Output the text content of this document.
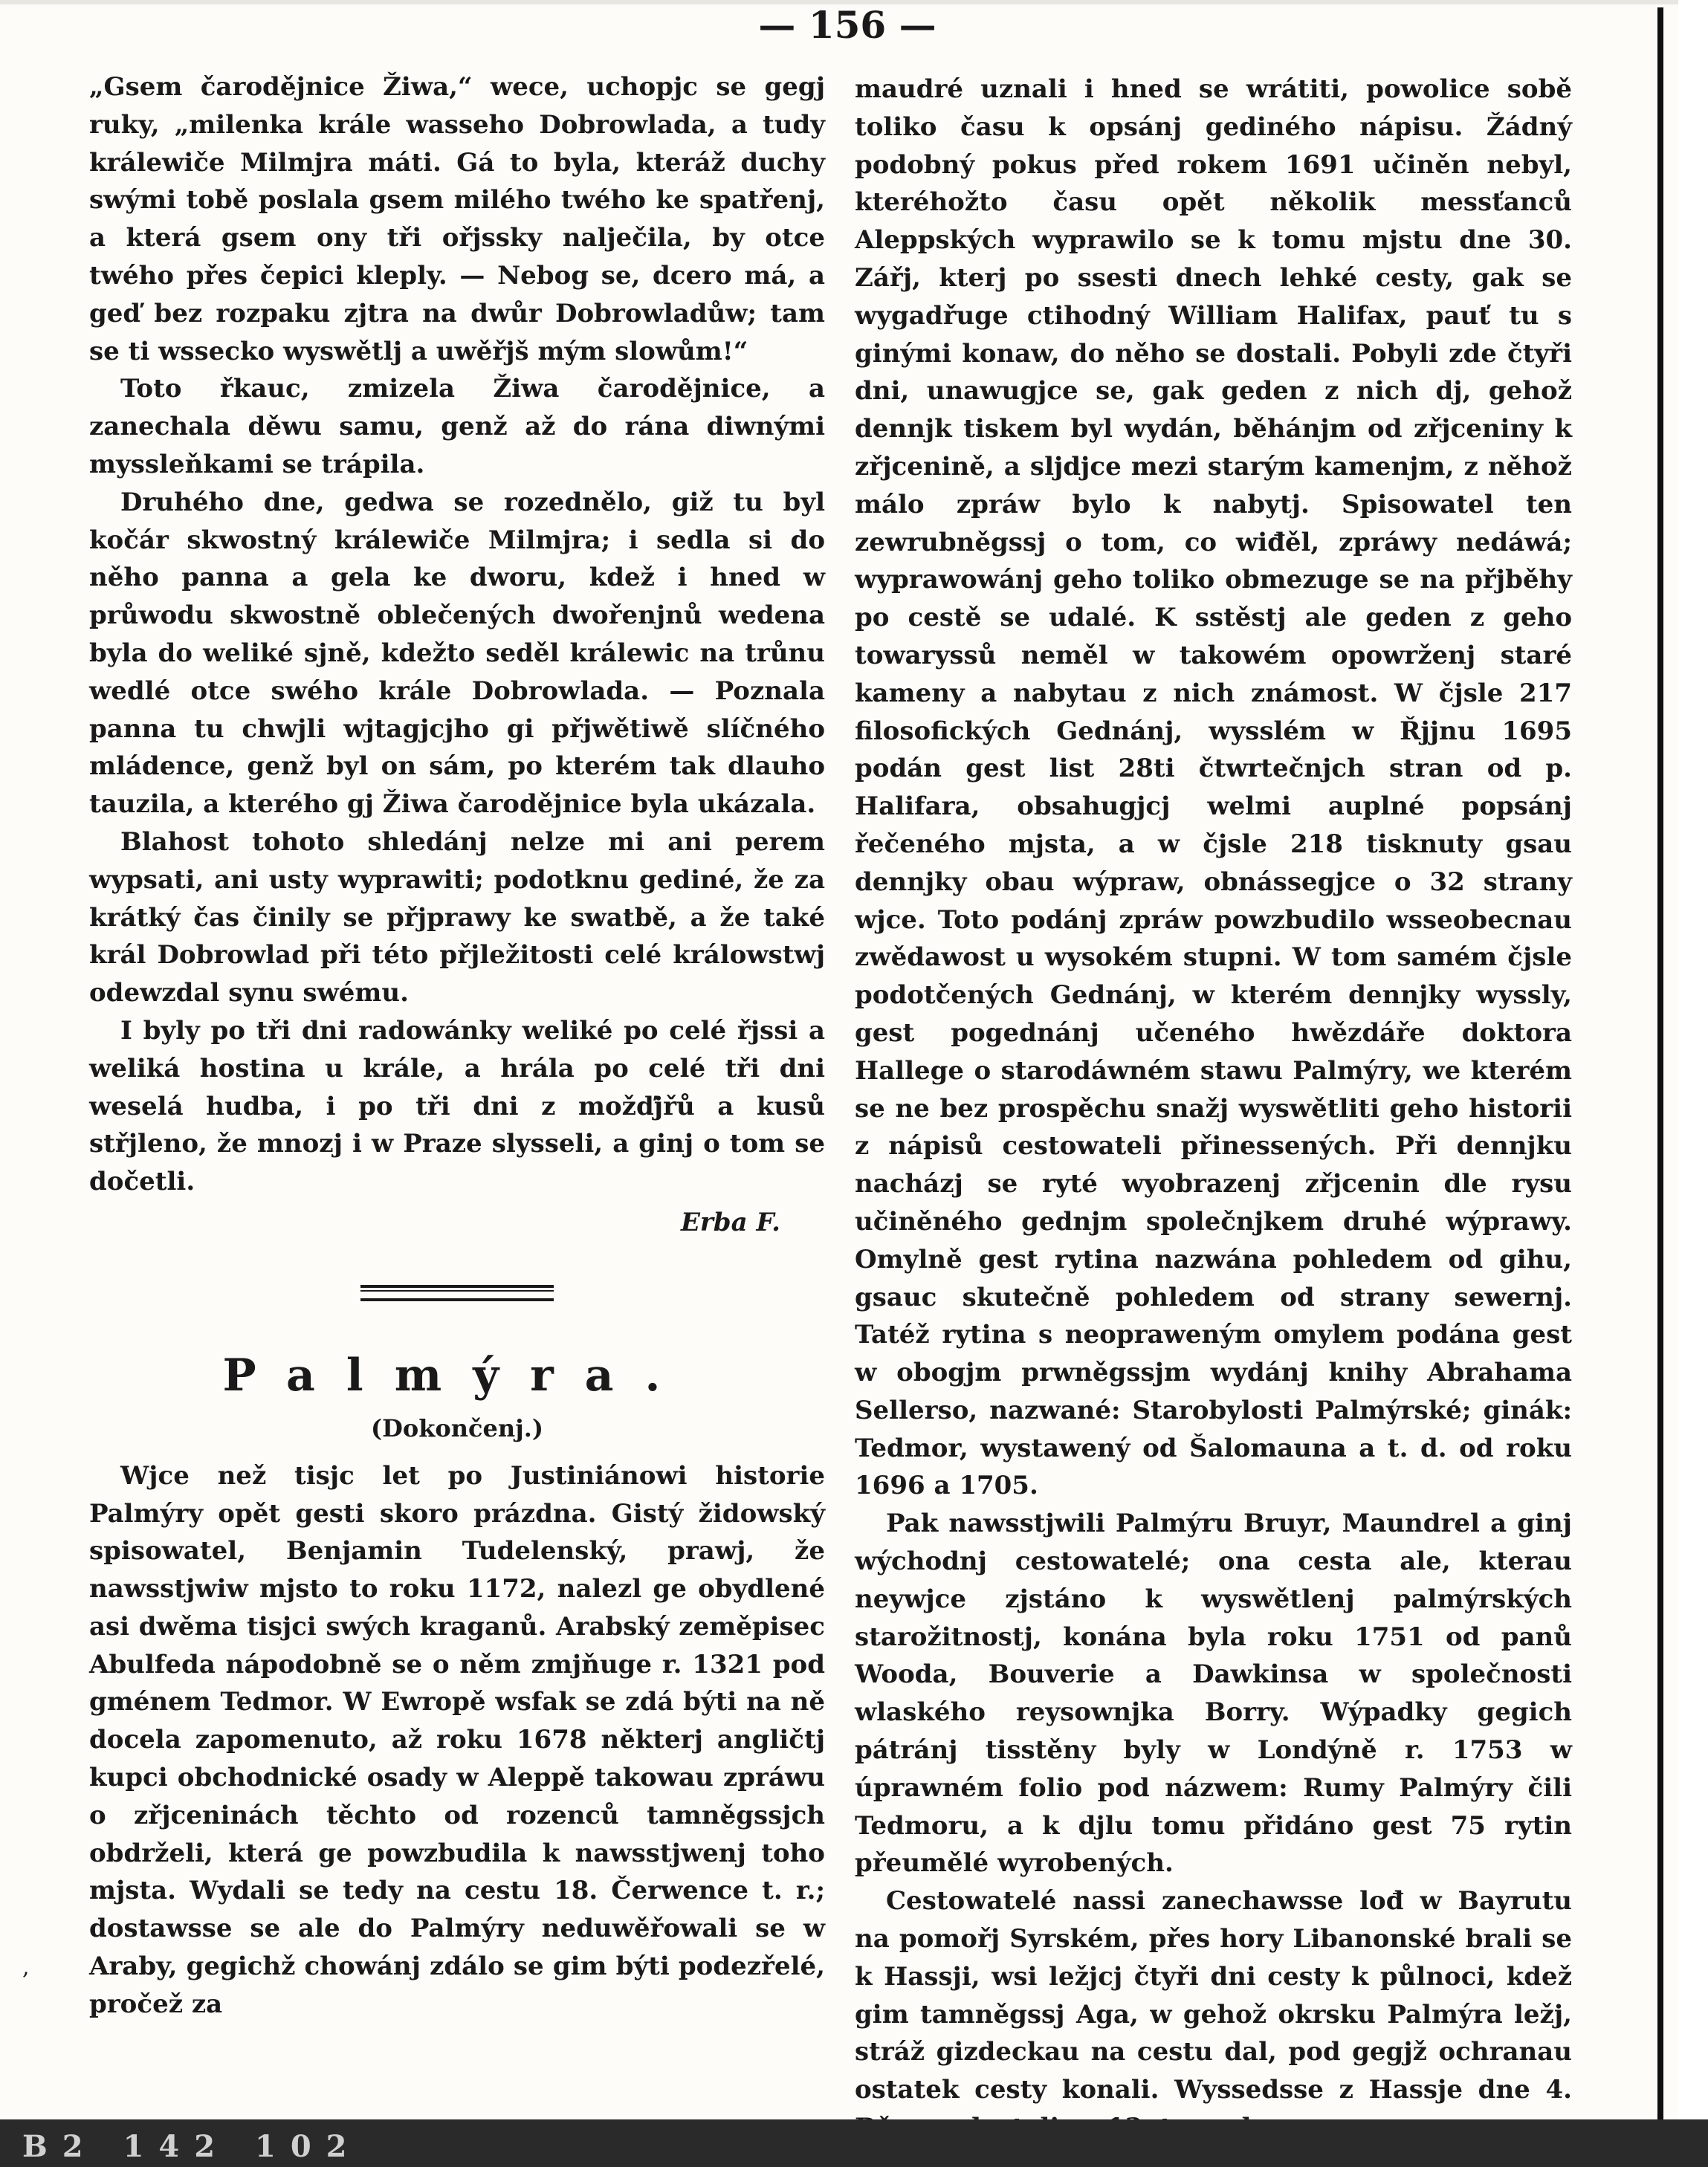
— 156 —

„Gsem čarodějnice Žiwa,“ wece, uchopjc se gegj ruky, „milenka krále wasseho Dobrowlada, a tudy králewiče Milmjra máti. Gá to byla, kteráž duchy swými tobě poslala gsem milého twého ke spatřenj, a která gsem ony tři ořjssky nalječila, by otce twého přes čepici kleply. — Nebog se, dcero má, a geď bez rozpaku zjtra na dwůr Dobrowladůw; tam se ti wssecko wyswětlj a uwěřjš mým slowům!“

Toto řkauc, zmizela Žiwa čarodějnice, a zanechala děwu samu, genž až do rána diwnými myssleňkami se trápila.

Druhého dne, gedwa se rozednělo, giž tu byl kočár skwostný králewiče Milmjra; i sedla si do něho panna a gela ke dworu, kdež i hned w průwodu skwostně oblečených dwořenjnů wedena byla do weliké sjně, kdežto seděl králewic na trůnu wedlé otce swého krále Dobrowlada. — Poznala panna tu chwjli wjtagjcjho gi přjwětiwě slíčného mládence, genž byl on sám, po kterém tak dlauho tauzila, a kterého gj Žiwa čarodějnice byla ukázala.

Blahost tohoto shledánj nelze mi ani perem wypsati, ani usty wyprawiti; podotknu gediné, že za krátký čas činily se přjprawy ke swatbě, a že také král Dobrowlad při této přjležitosti celé králowstwj odewzdal synu swému.

I byly po tři dni radowánky weliké po celé řjssi a weliká hostina u krále, a hrála po celé tři dni weselá hudba, i po tři dni z možďjřů a kusů střjleno, že mnozj i w Praze slysseli, a ginj o tom se dočetli.

Erba F.
Palmýra.
(Dokončenj.)

Wjce než tisjc let po Justiniánowi historie Palmýry opět gesti skoro prázdna. Gistý židowský spisowatel, Benjamin Tudelenský, prawj, že nawsstjwiw mjsto to roku 1172, nalezl ge obydlené asi dwěma tisjci swých kraganů. Arabský zeměpisec Abulfeda nápodobně se o něm zmjňuge r. 1321 pod gménem Tedmor. W Ewropě wsfak se zdá býti na ně docela zapomenuto, až roku 1678 některj angličtj kupci obchodnické osady w Aleppě takowau zpráwu o zřjceninách těchto od rozenců tamněgssjch obdrželi, která ge powzbudila k nawsstjwenj toho mjsta. Wydali se tedy na cestu 18. Čerwence t. r.; dostawsse se ale do Palmýry neduwěřowali se w Araby, gegichž chowánj zdálo se gim býti podezřelé, pročež za

maudré uznali i hned se wrátiti, powolice sobě toliko času k opsánj gediného nápisu. Žádný podobný pokus před rokem 1691 učiněn nebyl, kteréhožto času opět několik messťanců Aleppských wyprawilo se k tomu mjstu dne 30. Zářj, kterj po ssesti dnech lehké cesty, gak se wygadřuge ctihodný William Halifax, pauť tu s ginými konaw, do něho se dostali. Pobyli zde čtyři dni, unawugjce se, gak geden z nich dj, gehož dennjk tiskem byl wydán, běhánjm od zřjceniny k zřjcenině, a sljdjce mezi starým kamenjm, z něhož málo zpráw bylo k nabytj. Spisowatel ten zewrubněgssj o tom, co wiđěl, zpráwy nedáwá; wyprawowánj geho toliko obmezuge se na přjběhy po cestě se udalé. K sstěstj ale geden z geho towaryssů neměl w takowém opowrženj staré kameny a nabytau z nich známost. W čjsle 217 filosofických Gednánj, wysslém w Řjjnu 1695 podán gest list 28ti čtwrtečnjch stran od p. Halifara, obsahugjcj welmi auplné popsánj řečeného mjsta, a w čjsle 218 tisknuty gsau dennjky obau wýpraw, obnássegjce o 32 strany wjce. Toto podánj zpráw powzbudilo wsseobecnau zwědawost u wysokém stupni. W tom samém čjsle podotčených Gednánj, w kterém dennjky wyssly, gest pogednánj učeného hwězdáře doktora Hallege o starodáwném stawu Palmýry, we kterém se ne bez prospěchu snažj wyswětliti geho historii z nápisů cestowateli přinessených. Při dennjku nacházj se ryté wyobrazenj zřjcenin dle rysu učiněného gednjm společnjkem druhé wýprawy. Omylně gest rytina nazwána pohledem od gihu, gsauc skutečně pohledem od strany sewernj. Tatéž rytina s neopraweným omylem podána gest w obogjm prwněgssjm wydánj knihy Abrahama Sellerso, nazwané: Starobylosti Palmýrské; ginák: Tedmor, wystawený od Šalomauna a t. d. od roku 1696 a 1705.

Pak nawsstjwili Palmýru Bruyr, Maundrel a ginj wýchodnj cestowatelé; ona cesta ale, kterau neywjce zjstáno k wyswětlenj palmýrských starožitnostj, konána byla roku 1751 od panů Wooda, Bouverie a Dawkinsa w společnosti wlaského reysownjka Borry. Wýpadky gegich pátránj tisstěny byly w Londýně r. 1753 w úprawném folio pod názwem: Rumy Palmýry čili Tedmoru, a k djlu tomu přidáno gest 75 rytin přeumělé wyrobených.

Cestowatelé nassi zanechawsse lođ w Bayrutu na pomořj Syrském, přes hory Libanonské brali se k Hassji, wsi ležjcj čtyři dni cesty k půlnoci, kdež gim tamněgssj Aga, w gehož okrsku Palmýra ležj, stráž gizdeckau na cestu dal, pod gegjž ochranau ostatek cesty konali. Wyssedsse z Hassje dne 4.

,
B2 142 102
